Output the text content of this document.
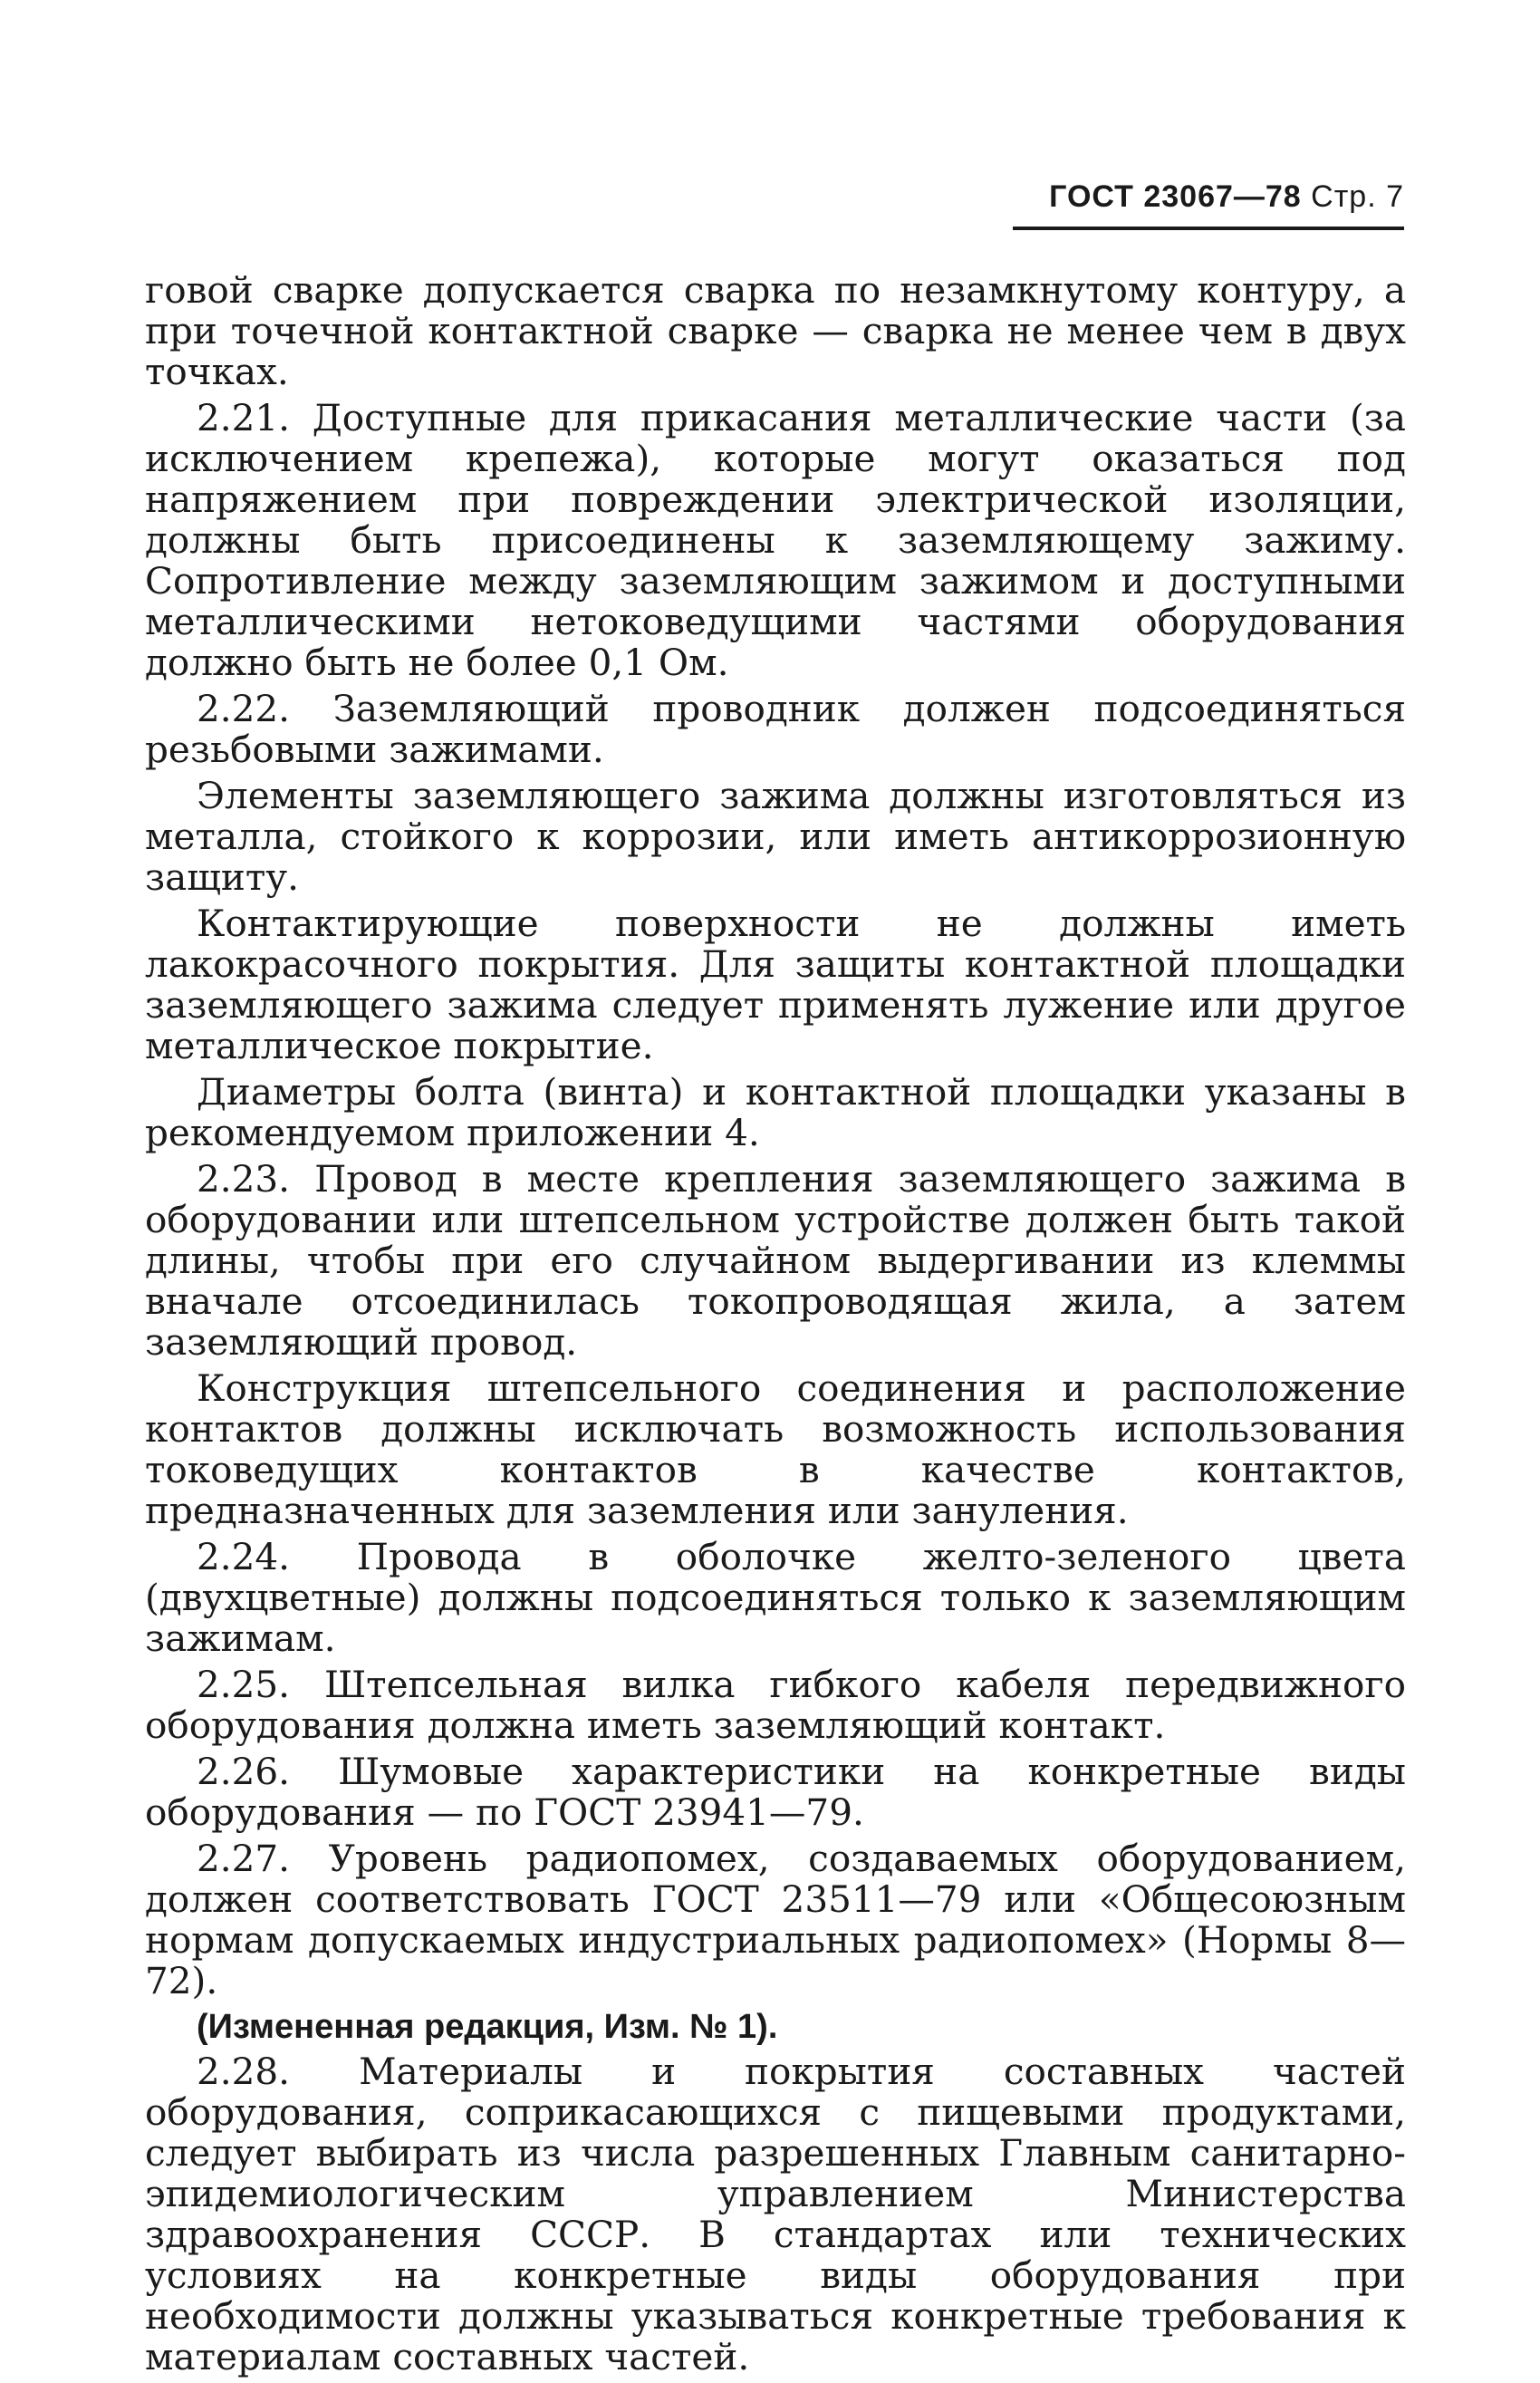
ГОСТ 23067—78 Стр. 7

говой сварке допускается сварка по незамкнутому контуру, а при точечной контактной сварке — сварка не менее чем в двух точках.

2.21. Доступные для прикасания металлические части (за исключением крепежа), которые могут оказаться под напряжением при повреждении электрической изоляции, должны быть присоединены к заземляющему зажиму. Сопротивление между заземляющим зажимом и доступными металлическими нетоковедущими частями оборудования должно быть не более 0,1 Ом.

2.22. Заземляющий проводник должен подсоединяться резьбовыми зажимами.

Элементы заземляющего зажима должны изготовляться из металла, стойкого к коррозии, или иметь антикоррозионную защиту.

Контактирующие поверхности не должны иметь лакокрасочного покрытия. Для защиты контактной площадки заземляющего зажима следует применять лужение или другое металлическое покрытие.

Диаметры болта (винта) и контактной площадки указаны в рекомендуемом приложении 4.

2.23. Провод в месте крепления заземляющего зажима в оборудовании или штепсельном устройстве должен быть такой длины, чтобы при его случайном выдергивании из клеммы вначале отсоединилась токопроводящая жила, а затем заземляющий провод.

Конструкция штепсельного соединения и расположение контактов должны исключать возможность использования токоведущих контактов в качестве контактов, предназначенных для заземления или зануления.

2.24. Провода в оболочке желто-зеленого цвета (двухцветные) должны подсоединяться только к заземляющим зажимам.

2.25. Штепсельная вилка гибкого кабеля передвижного оборудования должна иметь заземляющий контакт.

2.26. Шумовые характеристики на конкретные виды оборудования — по ГОСТ 23941—79.

2.27. Уровень радиопомех, создаваемых оборудованием, должен соответствовать ГОСТ 23511—79 или «Общесоюзным нормам допускаемых индустриальных радиопомех» (Нормы 8—72).

(Измененная редакция, Изм. № 1).

2.28. Материалы и покрытия составных частей оборудования, соприкасающихся с пищевыми продуктами, следует выбирать из числа разрешенных Главным санитарно-эпидемиологическим управлением Министерства здравоохранения СССР. В стандартах или технических условиях на конкретные виды оборудования при необходимости должны указываться конкретные требования к материалам составных частей.
